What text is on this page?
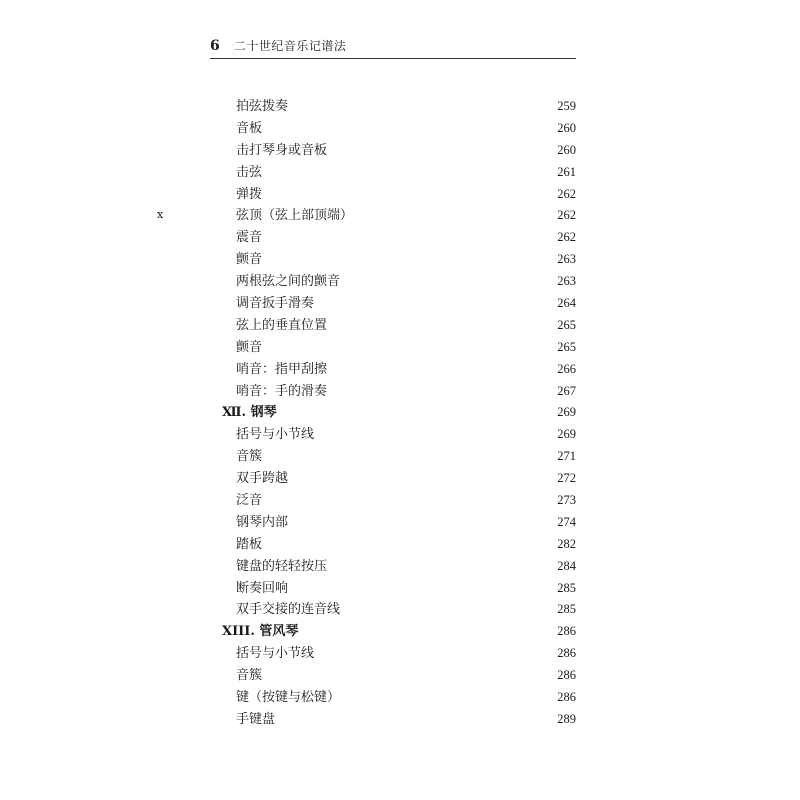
6 二十世纪音乐记谱法
x
拍弦拨奏	259
音板	260
击打琴身或音板	260
击弦	261
弹拨	262
弦顶（弦上部顶端）	262
震音	262
颤音	263
两根弦之间的颤音	263
调音扳手滑奏	264
弦上的垂直位置	265
颤音	265
哨音：指甲刮擦	266
哨音：手的滑奏	267
Ⅻ. 钢琴	269
括号与小节线	269
音簇	271
双手跨越	272
泛音	273
钢琴内部	274
踏板	282
键盘的轻轻按压	284
断奏回响	285
双手交接的连音线	285
XIII. 管风琴	286
括号与小节线	286
音簇	286
键（按键与松键）	286
手键盘	289
